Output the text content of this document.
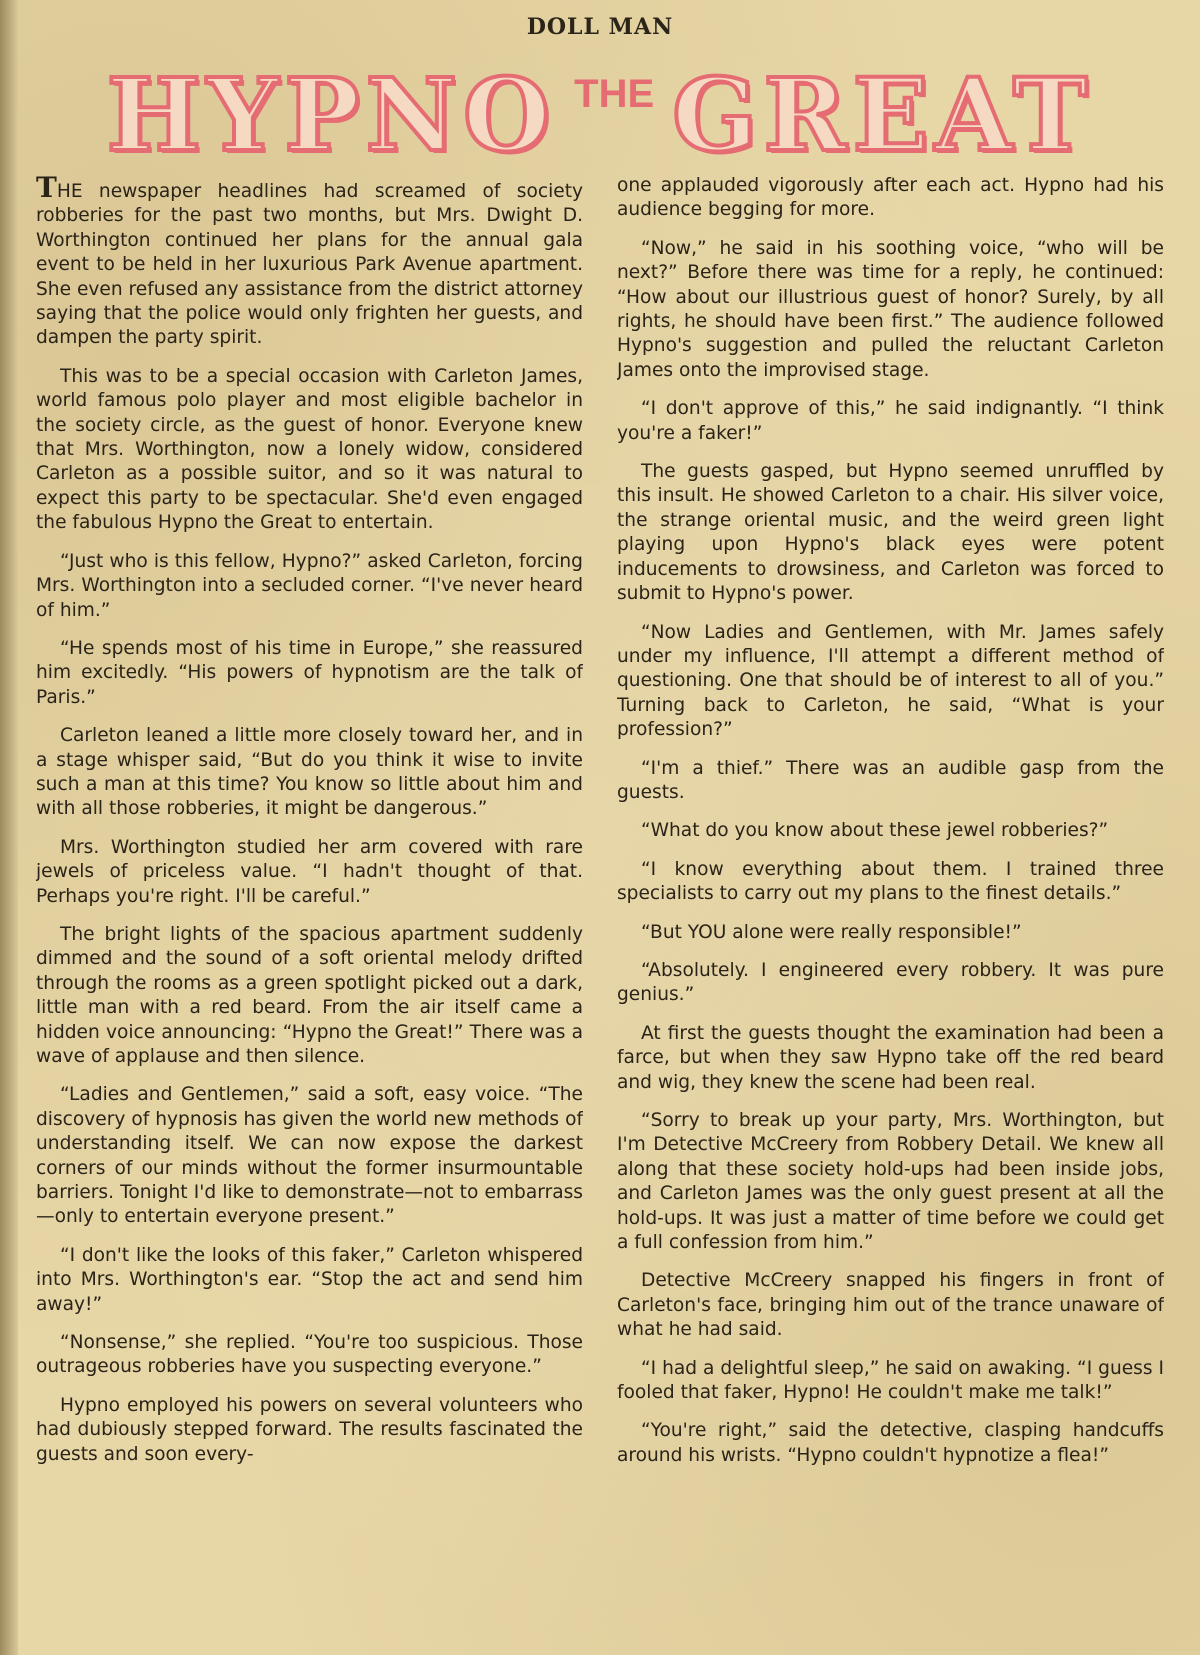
DOLL MAN
HYPNO THE GREAT

THE newspaper headlines had screamed of society robberies for the past two months, but Mrs. Dwight D. Worthington continued her plans for the annual gala event to be held in her luxurious Park Avenue apartment. She even refused any assistance from the district attorney saying that the police would only frighten her guests, and dampen the party spirit.

This was to be a special occasion with Carleton James, world famous polo player and most eligible bachelor in the society circle, as the guest of honor. Everyone knew that Mrs. Worthington, now a lonely widow, considered Carleton as a possible suitor, and so it was natural to expect this party to be spectacular. She'd even engaged the fabulous Hypno the Great to entertain.

“Just who is this fellow, Hypno?” asked Carleton, forcing Mrs. Worthington into a secluded corner. “I've never heard of him.”

“He spends most of his time in Europe,” she reassured him excitedly. “His powers of hypnotism are the talk of Paris.”

Carleton leaned a little more closely toward her, and in a stage whisper said, “But do you think it wise to invite such a man at this time? You know so little about him and with all those robberies, it might be dangerous.”

Mrs. Worthington studied her arm covered with rare jewels of priceless value. “I hadn't thought of that. Perhaps you're right. I'll be careful.”

The bright lights of the spacious apartment suddenly dimmed and the sound of a soft oriental melody drifted through the rooms as a green spotlight picked out a dark, little man with a red beard. From the air itself came a hidden voice announcing: “Hypno the Great!” There was a wave of applause and then silence.

“Ladies and Gentlemen,” said a soft, easy voice. “The discovery of hypnosis has given the world new methods of understanding itself. We can now expose the darkest corners of our minds without the former insurmountable barriers. Tonight I'd like to demonstrate—not to embarrass—only to entertain everyone present.”

“I don't like the looks of this faker,” Carleton whispered into Mrs. Worthington's ear. “Stop the act and send him away!”

“Nonsense,” she replied. “You're too suspicious. Those outrageous robberies have you suspecting everyone.”

Hypno employed his powers on several volunteers who had dubiously stepped forward. The results fascinated the guests and soon every-

one applauded vigorously after each act. Hypno had his audience begging for more.

“Now,” he said in his soothing voice, “who will be next?” Before there was time for a reply, he continued: “How about our illustrious guest of honor? Surely, by all rights, he should have been first.” The audience followed Hypno's suggestion and pulled the reluctant Carleton James onto the improvised stage.

“I don't approve of this,” he said indignantly. “I think you're a faker!”

The guests gasped, but Hypno seemed unruffled by this insult. He showed Carleton to a chair. His silver voice, the strange oriental music, and the weird green light playing upon Hypno's black eyes were potent inducements to drowsiness, and Carleton was forced to submit to Hypno's power.

“Now Ladies and Gentlemen, with Mr. James safely under my influence, I'll attempt a different method of questioning. One that should be of interest to all of you.” Turning back to Carleton, he said, “What is your profession?”

“I'm a thief.” There was an audible gasp from the guests.

“What do you know about these jewel robberies?”

“I know everything about them. I trained three specialists to carry out my plans to the finest details.”

“But YOU alone were really responsible!”

“Absolutely. I engineered every robbery. It was pure genius.”

At first the guests thought the examination had been a farce, but when they saw Hypno take off the red beard and wig, they knew the scene had been real.

“Sorry to break up your party, Mrs. Worthington, but I'm Detective McCreery from Robbery Detail. We knew all along that these society hold-ups had been inside jobs, and Carleton James was the only guest present at all the hold-ups. It was just a matter of time before we could get a full confession from him.”

Detective McCreery snapped his fingers in front of Carleton's face, bringing him out of the trance unaware of what he had said.

“I had a delightful sleep,” he said on awaking. “I guess I fooled that faker, Hypno! He couldn't make me talk!”

“You're right,” said the detective, clasping handcuffs around his wrists. “Hypno couldn't hypnotize a flea!”
